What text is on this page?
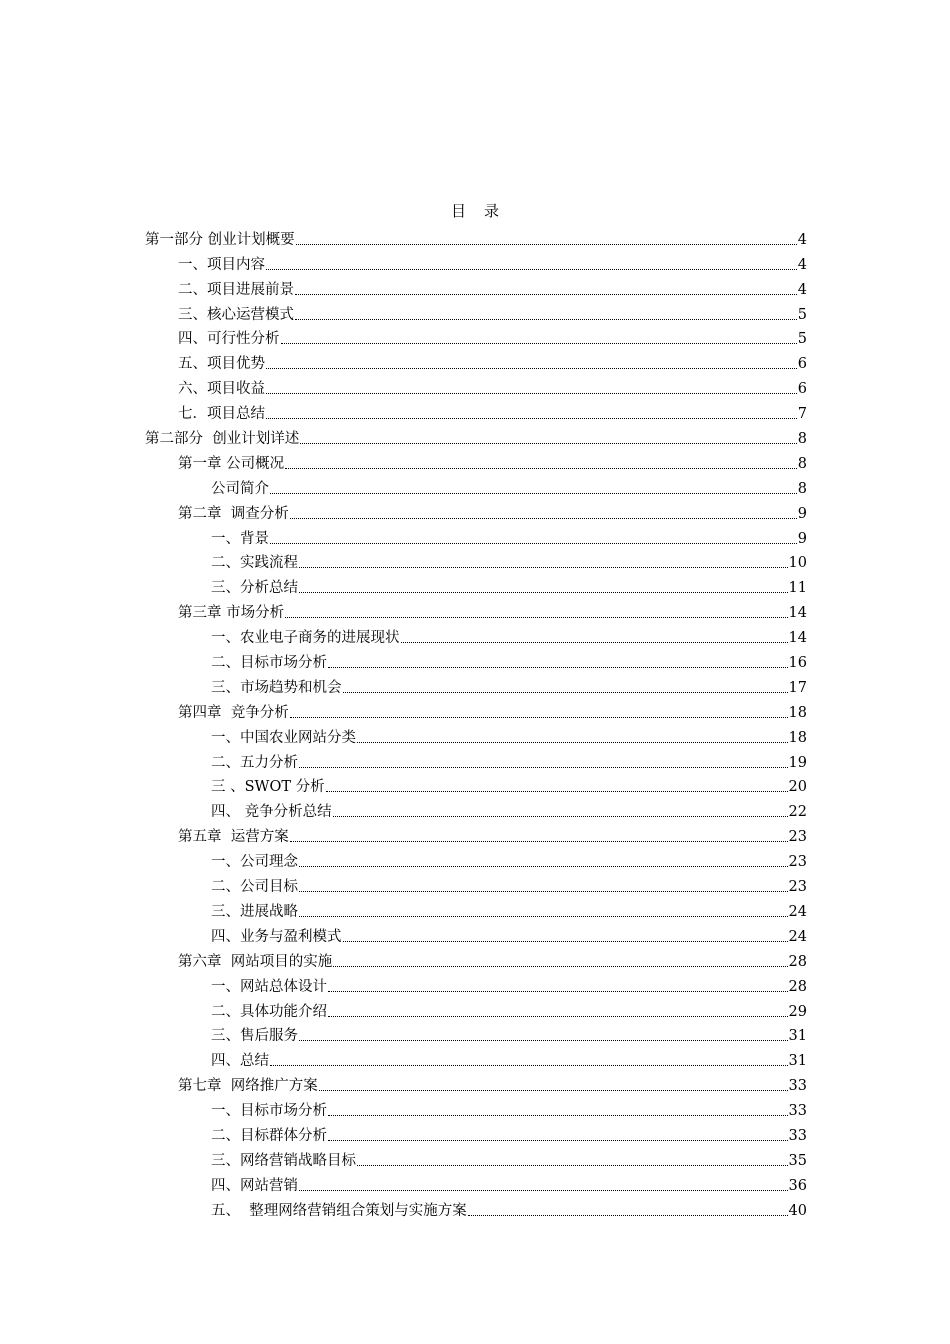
目 录
第一部分 创业计划概要	4
一、项目内容	4
二、项目进展前景	4
三、核心运营模式	5
四、可行性分析	5
五、项目优势	6
六、项目收益	6
七．项目总结	7
第二部分  创业计划详述	8
第一章 公司概况	8
公司简介	8
第二章  调查分析	9
一、背景	9
二、实践流程	10
三、分析总结	11
第三章 市场分析	14
一、农业电子商务的进展现状	14
二、目标市场分析	16
三、市场趋势和机会	17
第四章  竞争分析	18
一、中国农业网站分类	18
二、五力分析	19
三 、SWOT 分析	20
四、 竞争分析总结	22
第五章  运营方案	23
一、公司理念	23
二、公司目标	23
三、进展战略	24
四、业务与盈利模式	24
第六章  网站项目的实施	28
一、网站总体设计	28
二、具体功能介绍	29
三、售后服务	31
四、总结	31
第七章  网络推广方案	33
一、目标市场分析	33
二、目标群体分析	33
三、网络营销战略目标	35
四、网站营销	36
五、  整理网络营销组合策划与实施方案	40
